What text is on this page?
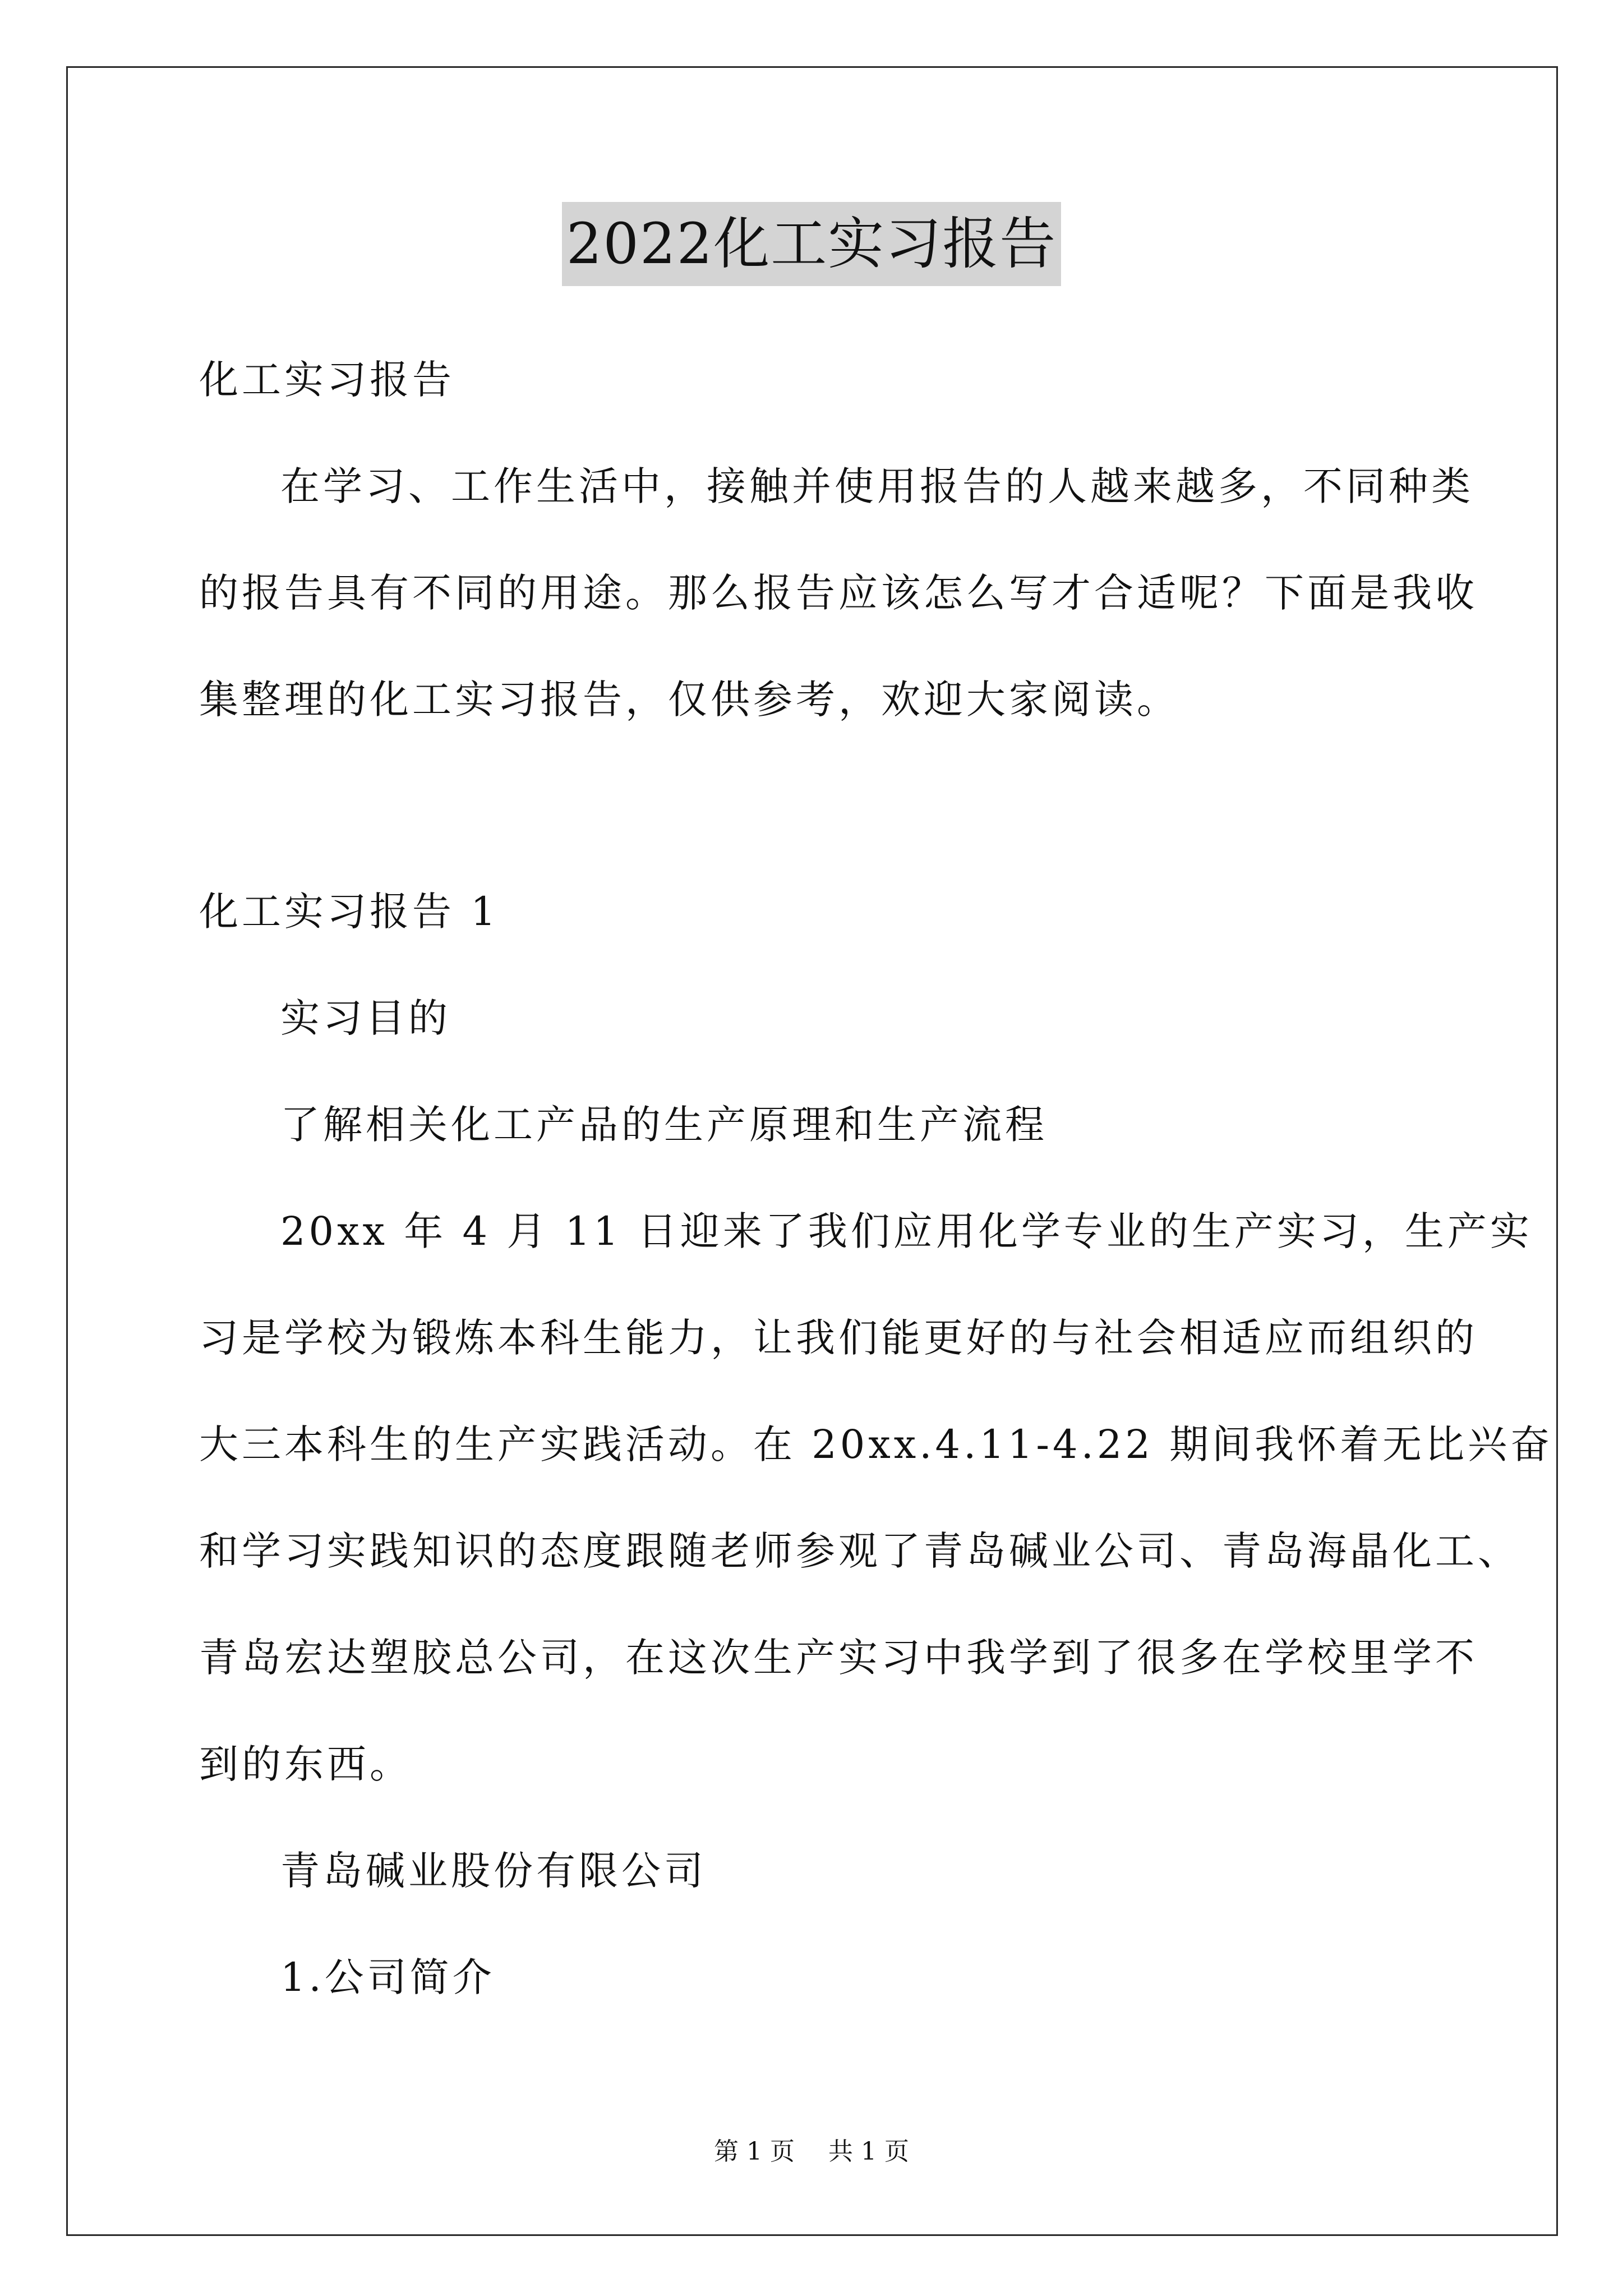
2022化工实习报告
化工实习报告
在学习、工作生活中，接触并使用报告的人越来越多，不同种类
的报告具有不同的用途。那么报告应该怎么写才合适呢？下面是我收
集整理的化工实习报告，仅供参考，欢迎大家阅读。
化工实习报告 1
实习目的
了解相关化工产品的生产原理和生产流程
20xx 年 4 月 11 日迎来了我们应用化学专业的生产实习，生产实
习是学校为锻炼本科生能力，让我们能更好的与社会相适应而组织的
大三本科生的生产实践活动。在 20xx.4.11-4.22 期间我怀着无比兴奋
和学习实践知识的态度跟随老师参观了青岛碱业公司、青岛海晶化工、
青岛宏达塑胶总公司，在这次生产实习中我学到了很多在学校里学不
到的东西。
青岛碱业股份有限公司
1.公司简介
第 1 页 共 1 页
